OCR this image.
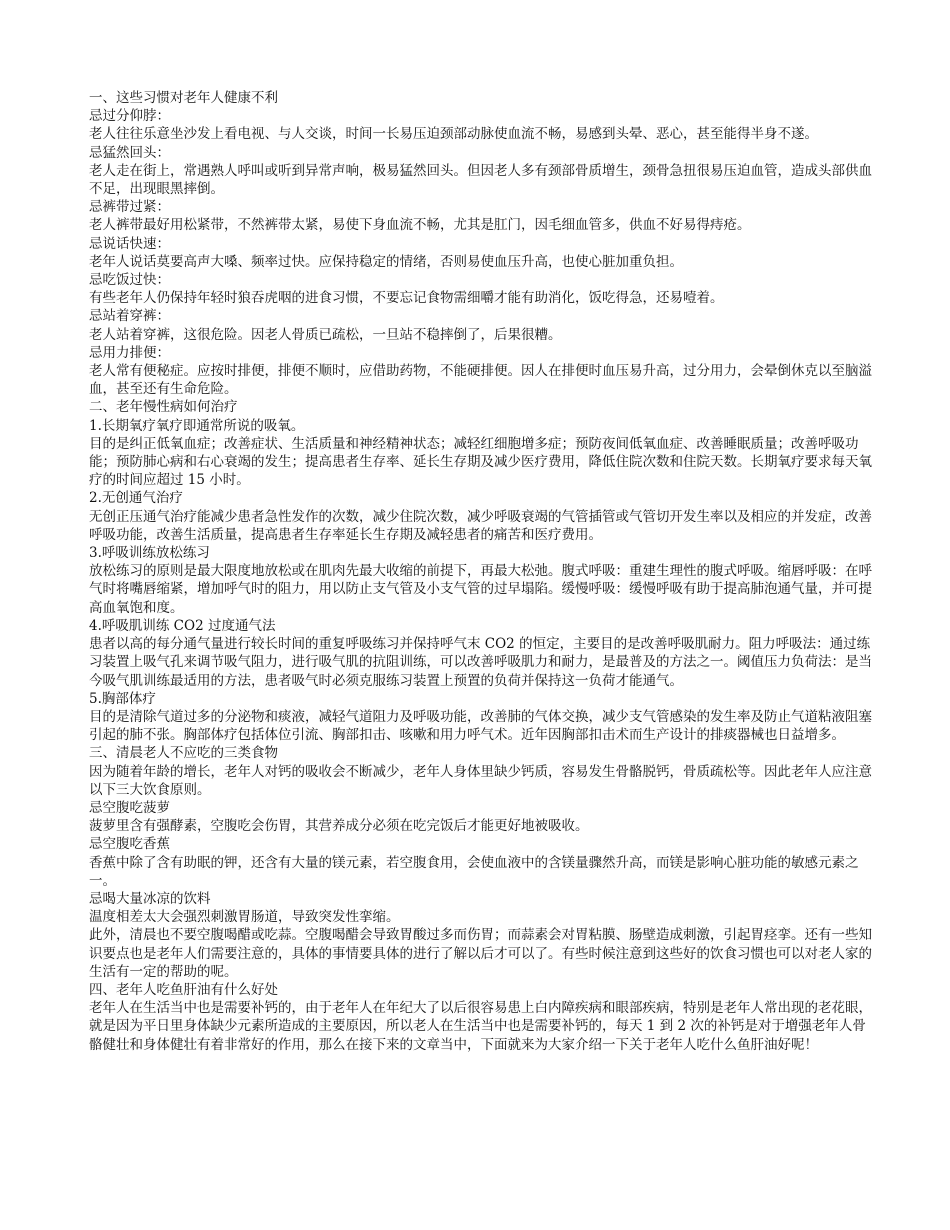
一、这些习惯对老年人健康不利
忌过分仰脖：
老人往往乐意坐沙发上看电视、与人交谈，时间一长易压迫颈部动脉使血流不畅，易感到头晕、恶心，甚至能得半身不遂。
忌猛然回头：
老人走在街上，常遇熟人呼叫或听到异常声响，极易猛然回头。但因老人多有颈部骨质增生，颈骨急扭很易压迫血管，造成头部供血不足，出现眼黑摔倒。
忌裤带过紧：
老人裤带最好用松紧带，不然裤带太紧，易使下身血流不畅，尤其是肛门，因毛细血管多，供血不好易得痔疮。
忌说话快速：
老年人说话莫要高声大嗓、频率过快。应保持稳定的情绪，否则易使血压升高，也使心脏加重负担。
忌吃饭过快：
有些老年人仍保持年轻时狼吞虎咽的进食习惯，不要忘记食物需细嚼才能有助消化，饭吃得急，还易噎着。
忌站着穿裤：
老人站着穿裤，这很危险。因老人骨质已疏松，一旦站不稳摔倒了，后果很糟。
忌用力排便：
老人常有便秘症。应按时排便，排便不顺时，应借助药物，不能硬排便。因人在排便时血压易升高，过分用力，会晕倒休克以至脑溢血，甚至还有生命危险。
二、老年慢性病如何治疗
1.长期氧疗氧疗即通常所说的吸氧。
目的是纠正低氧血症；改善症状、生活质量和神经精神状态；减轻红细胞增多症；预防夜间低氧血症、改善睡眠质量；改善呼吸功能；预防肺心病和右心衰竭的发生；提高患者生存率、延长生存期及减少医疗费用，降低住院次数和住院天数。长期氧疗要求每天氧疗的时间应超过 15 小时。
2.无创通气治疗
无创正压通气治疗能减少患者急性发作的次数，减少住院次数，减少呼吸衰竭的气管插管或气管切开发生率以及相应的并发症，改善呼吸功能，改善生活质量，提高患者生存率延长生存期及减轻患者的痛苦和医疗费用。
3.呼吸训练放松练习
放松练习的原则是最大限度地放松或在肌肉先最大收缩的前提下，再最大松弛。腹式呼吸：重建生理性的腹式呼吸。缩唇呼吸：在呼气时将嘴唇缩紧，增加呼气时的阻力，用以防止支气管及小支气管的过早塌陷。缓慢呼吸：缓慢呼吸有助于提高肺泡通气量，并可提高血氧饱和度。
4.呼吸肌训练 CO2 过度通气法
患者以高的每分通气量进行较长时间的重复呼吸练习并保持呼气末 CO2 的恒定，主要目的是改善呼吸肌耐力。阻力呼吸法：通过练习装置上吸气孔来调节吸气阻力，进行吸气肌的抗阻训练，可以改善呼吸肌力和耐力，是最普及的方法之一。阈值压力负荷法：是当今吸气肌训练最适用的方法，患者吸气时必须克服练习装置上预置的负荷并保持这一负荷才能通气。
5.胸部体疗
目的是清除气道过多的分泌物和痰液，减轻气道阻力及呼吸功能，改善肺的气体交换，减少支气管感染的发生率及防止气道粘液阻塞引起的肺不张。胸部体疗包括体位引流、胸部扣击、咳嗽和用力呼气术。近年因胸部扣击术而生产设计的排痰器械也日益增多。
三、清晨老人不应吃的三类食物
因为随着年龄的增长，老年人对钙的吸收会不断减少，老年人身体里缺少钙质，容易发生骨骼脱钙，骨质疏松等。因此老年人应注意以下三大饮食原则。
忌空腹吃菠萝
菠萝里含有强酵素，空腹吃会伤胃，其营养成分必须在吃完饭后才能更好地被吸收。
忌空腹吃香蕉
香蕉中除了含有助眠的钾，还含有大量的镁元素，若空腹食用，会使血液中的含镁量骤然升高，而镁是影响心脏功能的敏感元素之一。
忌喝大量冰凉的饮料
温度相差太大会强烈刺激胃肠道，导致突发性挛缩。
此外，清晨也不要空腹喝醋或吃蒜。空腹喝醋会导致胃酸过多而伤胃；而蒜素会对胃粘膜、肠壁造成刺激，引起胃痉挛。还有一些知识要点也是老年人们需要注意的，具体的事情要具体的进行了解以后才可以了。有些时候注意到这些好的饮食习惯也可以对老人家的生活有一定的帮助的呢。
四、老年人吃鱼肝油有什么好处
老年人在生活当中也是需要补钙的，由于老年人在年纪大了以后很容易患上白内障疾病和眼部疾病，特别是老年人常出现的老花眼，就是因为平日里身体缺少元素所造成的主要原因，所以老人在生活当中也是需要补钙的，每天 1 到 2 次的补钙是对于增强老年人骨骼健壮和身体健壮有着非常好的作用，那么在接下来的文章当中，下面就来为大家介绍一下关于老年人吃什么鱼肝油好呢！
